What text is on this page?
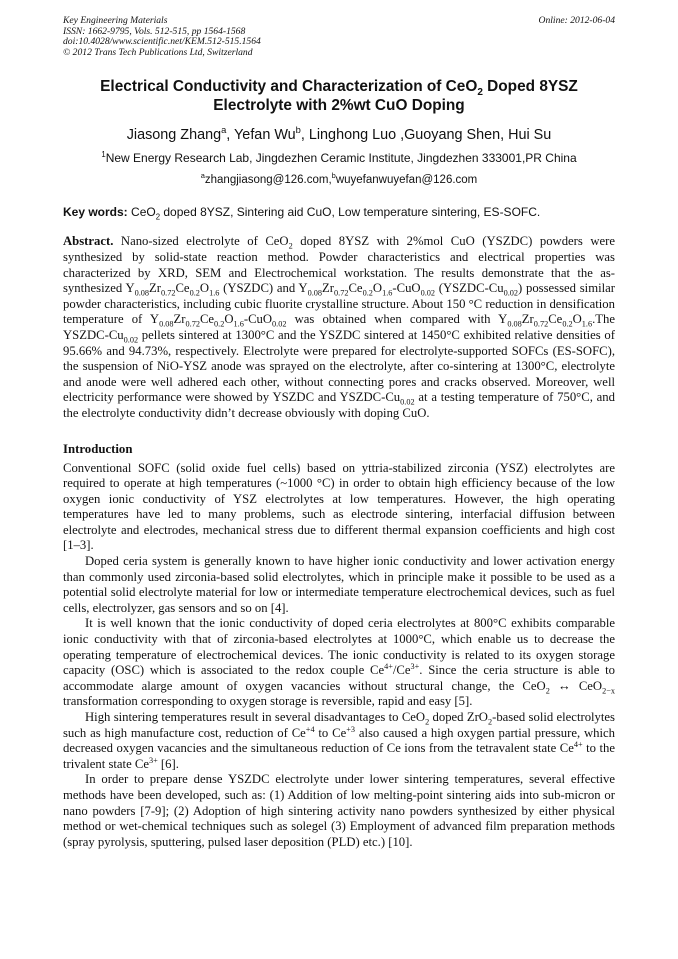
Key Engineering Materials
ISSN: 1662-9795, Vols. 512-515, pp 1564-1568
doi:10.4028/www.scientific.net/KEM.512-515.1564
© 2012 Trans Tech Publications Ltd, Switzerland
Online: 2012-06-04
Electrical Conductivity and Characterization of CeO$_2$ Doped 8YSZ
Electrolyte with 2%wt CuO Doping
Jiasong Zhang$^a$, Yefan Wu$^b$, Linghong Luo ,Guoyang Shen, Hui Su
$^1$New Energy Research Lab, Jingdezhen Ceramic Institute, Jingdezhen 333001,PR China
$^a$zhangjiasong@126.com,$^b$wuyefanwuyefan@126.com
Key words: CeO$_2$ doped 8YSZ, Sintering aid CuO, Low temperature sintering, ES-SOFC.

Abstract. Nano-sized electrolyte of CeO$_2$ doped 8YSZ with 2%mol CuO (YSZDC) powders were synthesized by solid-state reaction method. Powder characteristics and electrical properties was characterized by XRD, SEM and Electrochemical workstation. The results demonstrate that the as-synthesized $Y_{0.08}Zr_{0.72}Ce_{0.2}O_{1.6}$ (YSZDC) and $Y_{0.08}Zr_{0.72}Ce_{0.2}O_{1.6}-CuO_{0.02}$ $(YSZDC-Cu_{0.02})$ possessed similar powder characteristics, including cubic fluorite crystalline structure. About 150 °C reduction in densification temperature of $Y_{0.08}Zr_{0.72}Ce_{0.2}O_{1.6}-CuO_{0.02}$ was obtained when compared with $Y_{0.08}Zr_{0.72}Ce_{0.2}O_{1.6}.The$ YSZDC-$Cu_{0.02}$ pellets sintered at 1300°C and the YSZDC sintered at 1450°C exhibited relative densities of 95.66% and 94.73%, respectively. Electrolyte were prepared for electrolyte-supported SOFCs (ES-SOFC), the suspension of NiO-YSZ anode was sprayed on the electrolyte, after co-sintering at 1300°C, electrolyte and anode were well adhered each other, without connecting pores and cracks observed. Moreover, well electricity performance were showed by YSZDC and YSZDC-$Cu_{0.02}$ at a testing temperature of 750°C, and the electrolyte conductivity didn’t decrease obviously with doping CuO.

Introduction

Conventional SOFC (solid oxide fuel cells) based on yttria-stabilized zirconia (YSZ) electrolytes are required to operate at high temperatures (~1000 °C) in order to obtain high efficiency because of the low oxygen ionic conductivity of YSZ electrolytes at low temperatures. However, the high operating temperatures have led to many problems, such as electrode sintering, interfacial diffusion between electrolyte and electrodes, mechanical stress due to different thermal expansion coefficients and high cost [1–3].

Doped ceria system is generally known to have higher ionic conductivity and lower activation energy than commonly used zirconia-based solid electrolytes, which in principle make it possible to be used as a potential solid electrolyte material for low or intermediate temperature electrochemical devices, such as fuel cells, electrolyzer, gas sensors and so on [4].

It is well known that the ionic conductivity of doped ceria electrolytes at 800°C exhibits comparable ionic conductivity with that of zirconia-based electrolytes at 1000°C, which enable us to decrease the operating temperature of electrochemical devices. The ionic conductivity is related to its oxygen storage capacity (OSC) which is associated to the redox couple $Ce^{4+}/Ce^{3+}$. Since the ceria structure is able to accommodate alarge amount of oxygen vacancies without structural change, the CeO$_2$ ↔ CeO$_{2-x}$ transformation corresponding to oxygen storage is reversible, rapid and easy [5].

High sintering temperatures result in several disadvantages to CeO$_2$ doped ZrO$_2$-based solid electrolytes such as high manufacture cost, reduction of $Ce^{+4}$ to $Ce^{+3}$ also caused a high oxygen partial pressure, which decreased oxygen vacancies and the simultaneous reduction of Ce ions from the tetravalent state $Ce^{4+}$ to the trivalent state $Ce^{3+}$ [6].

In order to prepare dense YSZDC electrolyte under lower sintering temperatures, several effective methods have been developed, such as: (1) Addition of low melting-point sintering aids into sub-micron or nano powders [7-9]; (2) Adoption of high sintering activity nano powders synthesized by either physical method or wet-chemical techniques such as solegel (3) Employment of advanced film preparation methods (spray pyrolysis, sputtering, pulsed laser deposition (PLD) etc.) [10].
